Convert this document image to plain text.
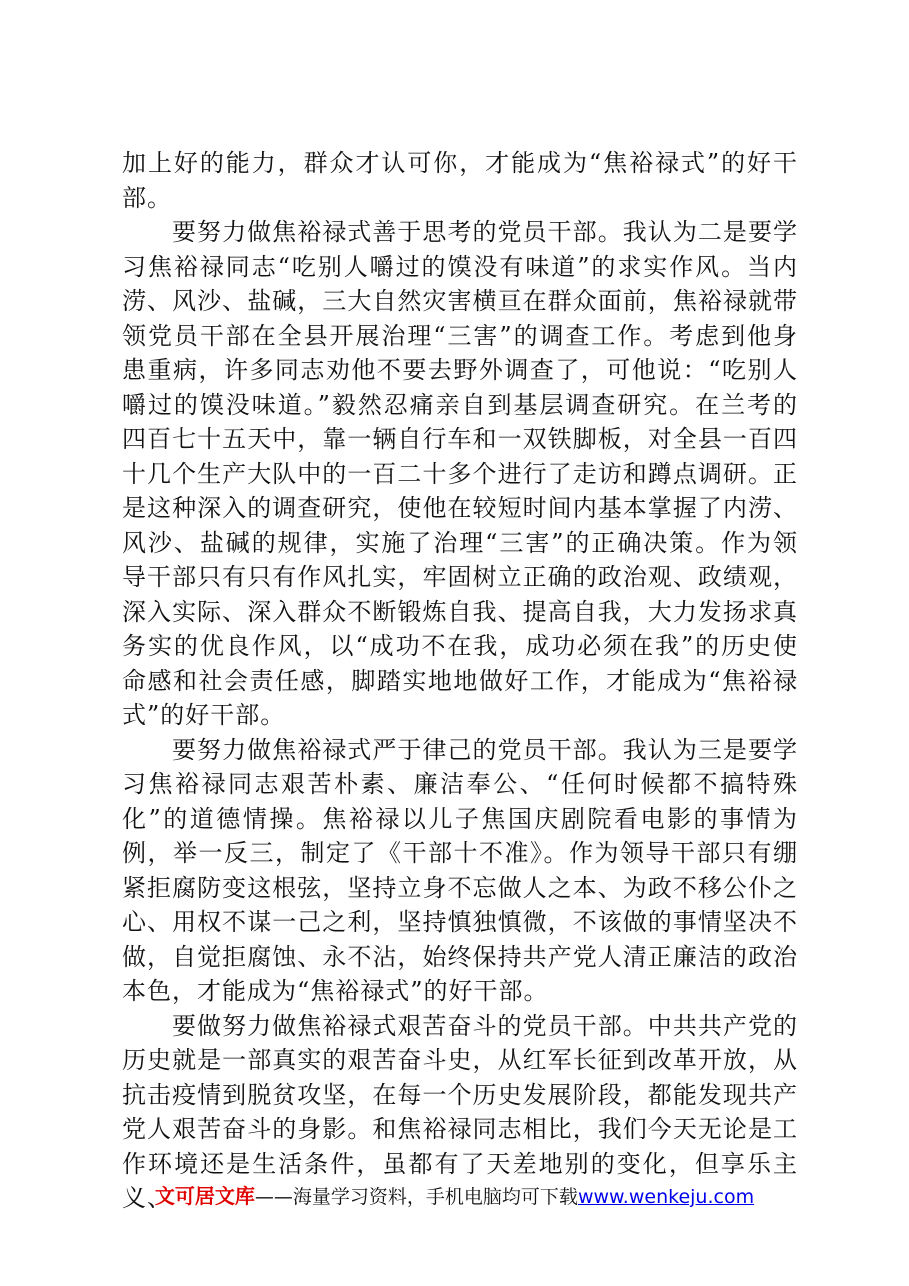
加上好的能力，群众才认可你，才能成为“焦裕禄式”的好干部。

要努力做焦裕禄式善于思考的党员干部。我认为二是要学习焦裕禄同志“吃别人嚼过的馍没有味道”的求实作风。当内涝、风沙、盐碱，三大自然灾害横亘在群众面前，焦裕禄就带领党员干部在全县开展治理“三害”的调查工作。考虑到他身患重病，许多同志劝他不要去野外调查了，可他说：“吃别人嚼过的馍没味道。”毅然忍痛亲自到基层调查研究。在兰考的四百七十五天中，靠一辆自行车和一双铁脚板，对全县一百四十几个生产大队中的一百二十多个进行了走访和蹲点调研。正是这种深入的调查研究，使他在较短时间内基本掌握了内涝、风沙、盐碱的规律，实施了治理“三害”的正确决策。作为领导干部只有只有作风扎实，牢固树立正确的政治观、政绩观，深入实际、深入群众不断锻炼自我、提高自我，大力发扬求真务实的优良作风，以“成功不在我，成功必须在我”的历史使命感和社会责任感，脚踏实地地做好工作，才能成为“焦裕禄式”的好干部。

要努力做焦裕禄式严于律己的党员干部。我认为三是要学习焦裕禄同志艰苦朴素、廉洁奉公、“任何时候都不搞特殊化”的道德情操。焦裕禄以儿子焦国庆剧院看电影的事情为例，举一反三，制定了《干部十不准》。作为领导干部只有绷紧拒腐防变这根弦，坚持立身不忘做人之本、为政不移公仆之心、用权不谋一己之利，坚持慎独慎微，不该做的事情坚决不做，自觉拒腐蚀、永不沾，始终保持共产党人清正廉洁的政治本色，才能成为“焦裕禄式”的好干部。

要做努力做焦裕禄式艰苦奋斗的党员干部。中共共产党的历史就是一部真实的艰苦奋斗史，从红军长征到改革开放，从抗击疫情到脱贫攻坚，在每一个历史发展阶段，都能发现共产党人艰苦奋斗的身影。和焦裕禄同志相比，我们今天无论是工作环境还是生活条件，虽都有了天差地别的变化，但享乐主义、

文可居文库——海量学习资料，手机电脑均可下载www.wenkeju.com
